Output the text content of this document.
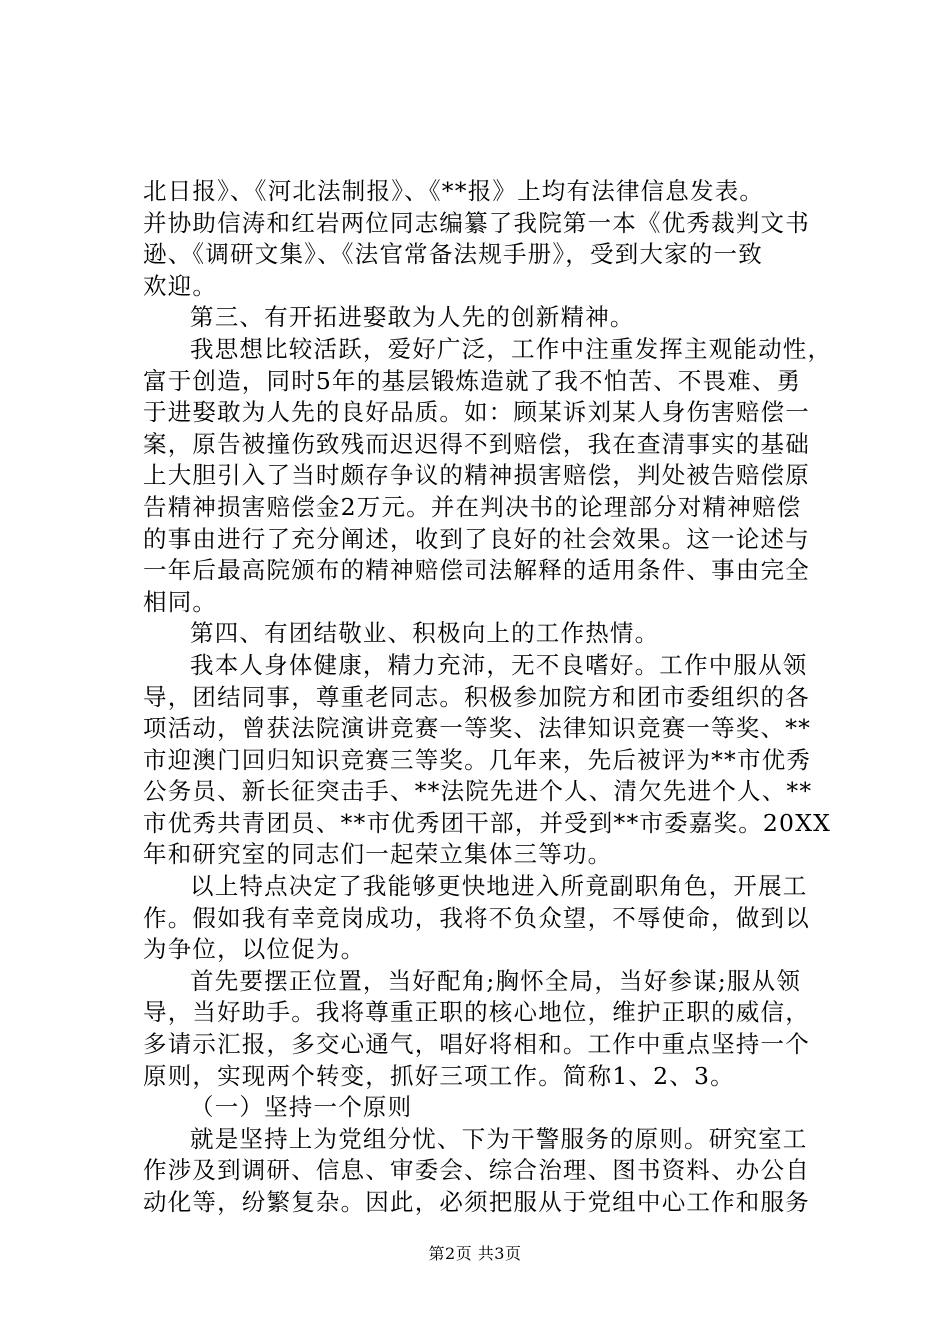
北日报》、《河北法制报》、《**报》上均有法律信息发表。
并协助信涛和红岩两位同志编纂了我院第一本《优秀裁判文书
逊、《调研文集》、《法官常备法规手册》，受到大家的一致
欢迎。
第三、有开拓进娶敢为人先的创新精神。
我思想比较活跃，爱好广泛，工作中注重发挥主观能动性，
富于创造，同时5年的基层锻炼造就了我不怕苦、不畏难、勇
于进娶敢为人先的良好品质。如：顾某诉刘某人身伤害赔偿一
案，原告被撞伤致残而迟迟得不到赔偿，我在查清事实的基础
上大胆引入了当时颇存争议的精神损害赔偿，判处被告赔偿原
告精神损害赔偿金2万元。并在判决书的论理部分对精神赔偿
的事由进行了充分阐述，收到了良好的社会效果。这一论述与
一年后最高院颁布的精神赔偿司法解释的适用条件、事由完全
相同。
第四、有团结敬业、积极向上的工作热情。
我本人身体健康，精力充沛，无不良嗜好。工作中服从领
导，团结同事，尊重老同志。积极参加院方和团市委组织的各
项活动，曾获法院演讲竞赛一等奖、法律知识竞赛一等奖、**
市迎澳门回归知识竞赛三等奖。几年来，先后被评为**市优秀
公务员、新长征突击手、**法院先进个人、清欠先进个人、**
市优秀共青团员、**市优秀团干部，并受到**市委嘉奖。20XX
年和研究室的同志们一起荣立集体三等功。
以上特点决定了我能够更快地进入所竟副职角色，开展工
作。假如我有幸竞岗成功，我将不负众望，不辱使命，做到以
为争位，以位促为。
首先要摆正位置，当好配角;胸怀全局，当好参谋;服从领
导，当好助手。我将尊重正职的核心地位，维护正职的威信，
多请示汇报，多交心通气，唱好将相和。工作中重点坚持一个
原则，实现两个转变，抓好三项工作。简称1、2、3。
（一）坚持一个原则
就是坚持上为党组分忧、下为干警服务的原则。研究室工
作涉及到调研、信息、审委会、综合治理、图书资料、办公自
动化等，纷繁复杂。因此，必须把服从于党组中心工作和服务
第2页 共3页
